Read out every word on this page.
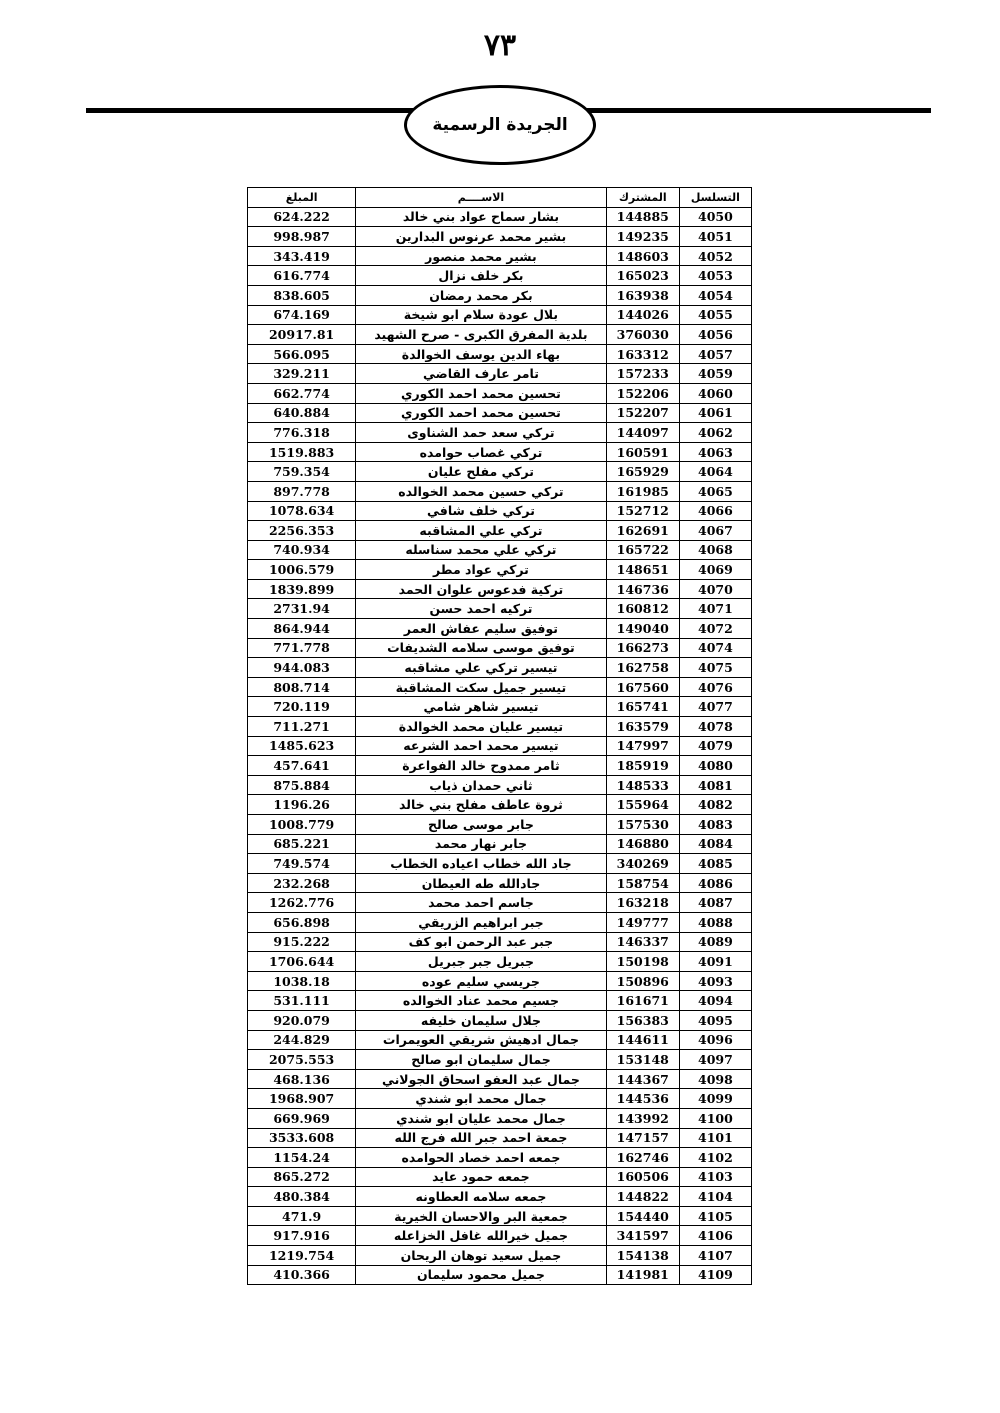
٧٣
الجريدة الرسمية
المبلغ	الاســــم	المشترك	التسلسل
624.222	بشار سماح عواد بني خالد	144885	4050
998.987	بشير محمد عرنوس البدارين	149235	4051
343.419	بشير محمد منصور	148603	4052
616.774	بكر خلف نزال	165023	4053
838.605	بكر محمد رمضان	163938	4054
674.169	بلال عودة سلام ابو شيخة	144026	4055
20917.81	بلدية المفرق الكبرى - صرح الشهيد	376030	4056
566.095	بهاء الدين يوسف الخوالدة	163312	4057
329.211	تامر عارف القاضي	157233	4059
662.774	تحسين محمد احمد الكوري	152206	4060
640.884	تحسين محمد احمد الكوري	152207	4061
776.318	تركي سعد حمد الشناوى	144097	4062
1519.883	تركي غصاب حوامده	160591	4063
759.354	تركي مفلح عليان	165929	4064
897.778	تركي حسين محمد الخوالده	161985	4065
1078.634	تركي خلف شافي	152712	4066
2256.353	تركي علي المشاقبه	162691	4067
740.934	تركي علي محمد سناسله	165722	4068
1006.579	تركي عواد مطر	148651	4069
1839.899	تركية فدعوس علوان الحمد	146736	4070
2731.94	تركيه احمد حسن	160812	4071
864.944	توفيق سليم عفاش العمر	149040	4072
771.778	توفيق موسى سلامه الشديفات	166273	4074
944.083	تيسير تركي علي مشاقبه	162758	4075
808.714	تيسير جميل سكت المشاقبة	167560	4076
720.119	تيسير شاهر شامي	165741	4077
711.271	تيسير عليان محمد الخوالدة	163579	4078
1485.623	تيسير محمد احمد الشرعه	147997	4079
457.641	ثامر ممدوح خالد الفواعرة	185919	4080
875.884	ثاني حمدان ذياب	148533	4081
1196.26	ثروة عاطف مفلح بني خالد	155964	4082
1008.779	جابر موسى صالح	157530	4083
685.221	جابر نهار محمد	146880	4084
749.574	جاد الله خطاب اعياده الخطاب	340269	4085
232.268	جادالله طه العيطان	158754	4086
1262.776	جاسم احمد محمد	163218	4087
656.898	جبر ابراهيم الزريقي	149777	4088
915.222	جبر عبد الرحمن ابو كف	146337	4089
1706.644	جبريل جبر جبريل	150198	4091
1038.18	جريسي سليم عوده	150896	4093
531.111	جسيم محمد عناد الخوالده	161671	4094
920.079	جلال سليمان خليفه	156383	4095
244.829	جمال ادهيش شريقي العويمرات	144611	4096
2075.553	جمال سليمان ابو صالح	153148	4097
468.136	جمال عبد العفو اسحاق الجولاني	144367	4098
1968.907	جمال محمد ابو شندي	144536	4099
669.969	جمال محمد عليان ابو شندي	143992	4100
3533.608	جمعة احمد جبر الله فرج الله	147157	4101
1154.24	جمعه احمد خصاد الحوامده	162746	4102
865.272	جمعه حمود عايد	160506	4103
480.384	جمعه سلامه العطاونه	144822	4104
471.9	جمعية البر والاحسان الخيرية	154440	4105
917.916	جميل خيرالله غافل الخزاعله	341597	4106
1219.754	جميل سعيد توهان الريحان	154138	4107
410.366	جميل محمود سليمان	141981	4109
